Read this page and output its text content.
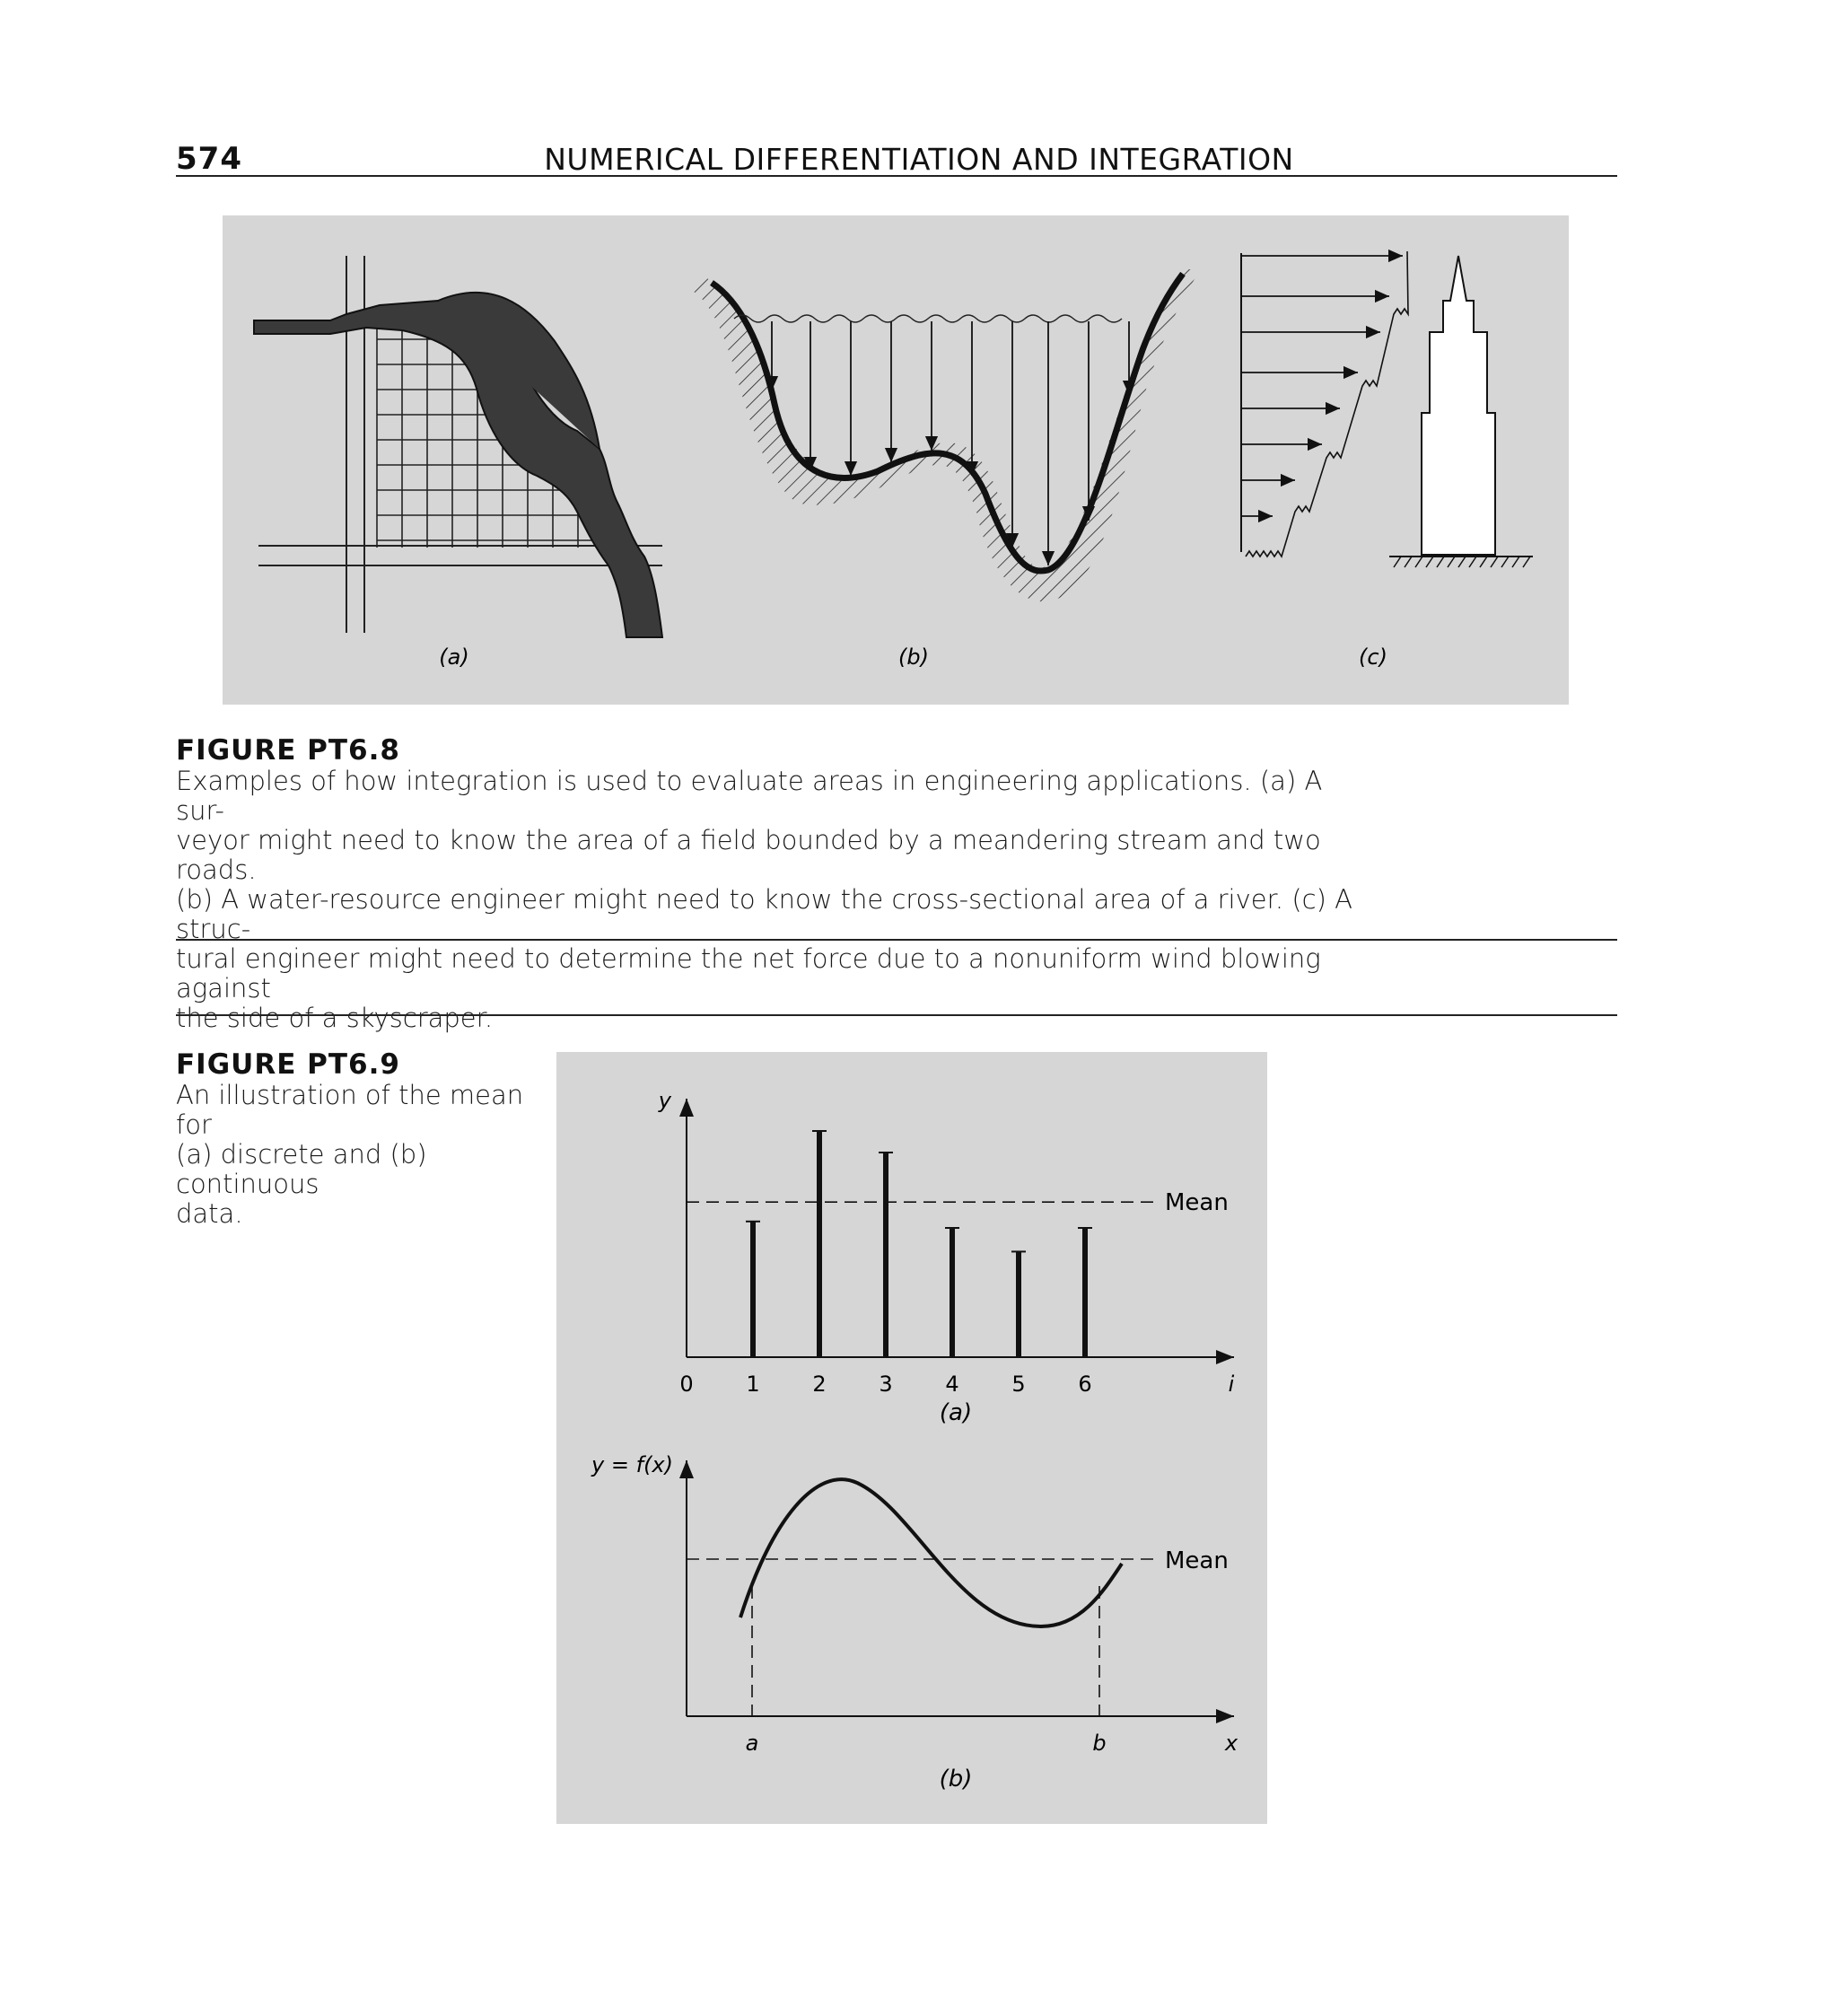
574	NUMERICAL DIFFERENTIATION AND INTEGRATION
(a)	(b)	(c)
FIGURE PT6.8
Examples of how integration is used to evaluate areas in engineering applications. (a) A sur-
veyor might need to know the area of a field bounded by a meandering stream and two roads.
(b) A water-resource engineer might need to know the cross-sectional area of a river. (c) A struc-
tural engineer might need to determine the net force due to a nonuniform wind blowing against
the side of a skyscraper.
FIGURE PT6.9
An illustration of the mean for
(a) discrete and (b) continuous
data.
y
i
Mean
0 1 2 3 4 5 6
(a)
y = f(x)
x
Mean
a	b
(b)
